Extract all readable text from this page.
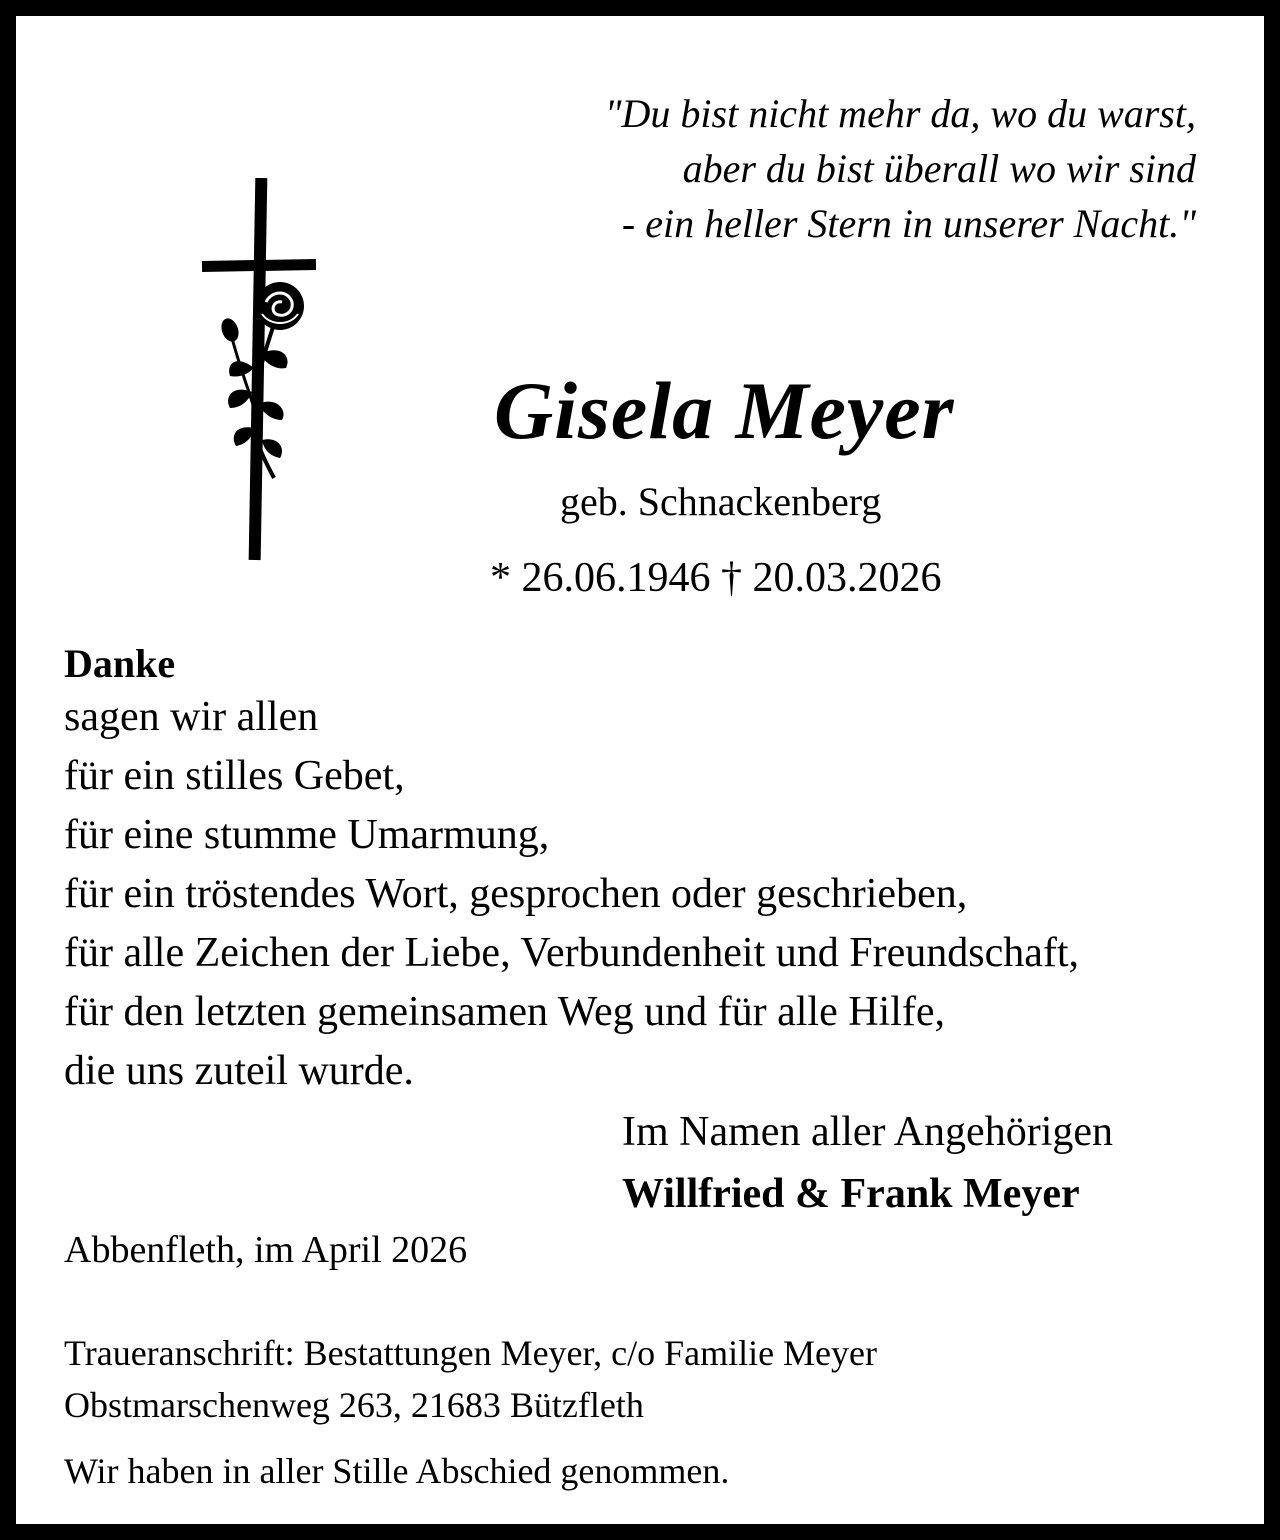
"Du bist nicht mehr da, wo du warst,
aber du bist überall wo wir sind
- ein heller Stern in unserer Nacht."
Gisela Meyer
geb. Schnackenberg
* 26.06.1946 † 20.03.2026
Danke
sagen wir allen
für ein stilles Gebet,
für eine stumme Umarmung,
für ein tröstendes Wort, gesprochen oder geschrieben,
für alle Zeichen der Liebe, Verbundenheit und Freundschaft,
für den letzten gemeinsamen Weg und für alle Hilfe,
die uns zuteil wurde.
Im Namen aller Angehörigen
Willfried & Frank Meyer
Abbenfleth, im April 2026
Traueranschrift: Bestattungen Meyer, c/o Familie Meyer
Obstmarschenweg 263, 21683 Bützfleth
Wir haben in aller Stille Abschied genommen.
